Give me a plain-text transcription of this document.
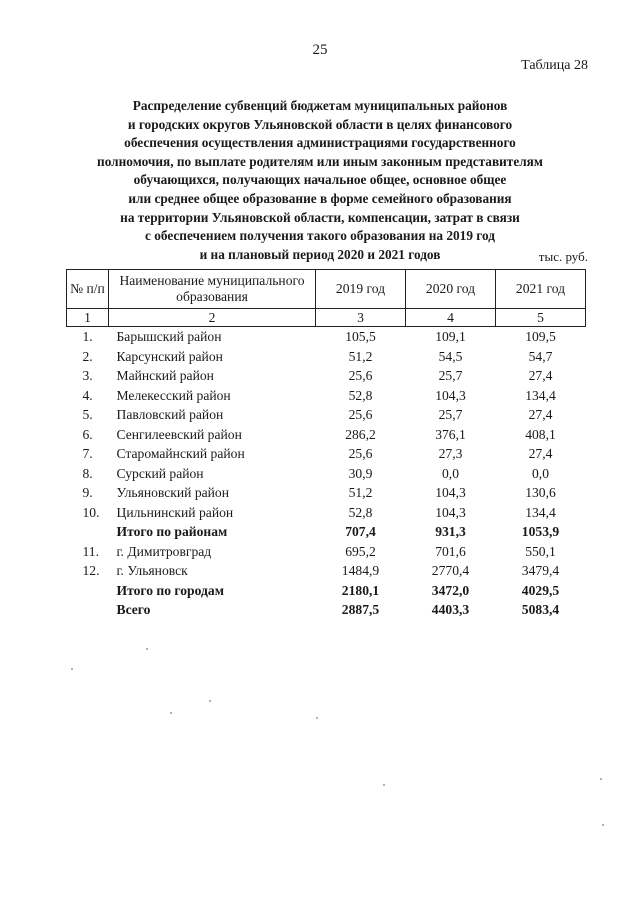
25
Таблица 28
Распределение субвенций бюджетам муниципальных районов
и городских округов Ульяновской области в целях финансового
обеспечения осуществления администрациями государственного
полномочия, по выплате родителям или иным законным представителям
обучающихся, получающих начальное общее, основное общее
или среднее общее образование в форме семейного образования
на территории Ульяновской области, компенсации, затрат в связи
с обеспечением получения такого образования на 2019 год
и на плановый период 2020 и 2021 годов	тыс. руб.
№ п/п	Наименование муниципального образования	2019 год	2020 год	2021 год
1	2	3	4	5
1.	Барышский район	105,5	109,1	109,5
2.	Карсунский район	51,2	54,5	54,7
3.	Майнский район	25,6	25,7	27,4
4.	Мелекесский район	52,8	104,3	134,4
5.	Павловский район	25,6	25,7	27,4
6.	Сенгилеевский район	286,2	376,1	408,1
7.	Старомайнский район	25,6	27,3	27,4
8.	Сурский район	30,9	0,0	0,0
9.	Ульяновский район	51,2	104,3	130,6
10.	Цильнинский район	52,8	104,3	134,4
	Итого по районам	707,4	931,3	1053,9
11.	г. Димитровград	695,2	701,6	550,1
12.	г. Ульяновск	1484,9	2770,4	3479,4
	Итого по городам	2180,1	3472,0	4029,5
	Всего	2887,5	4403,3	5083,4
